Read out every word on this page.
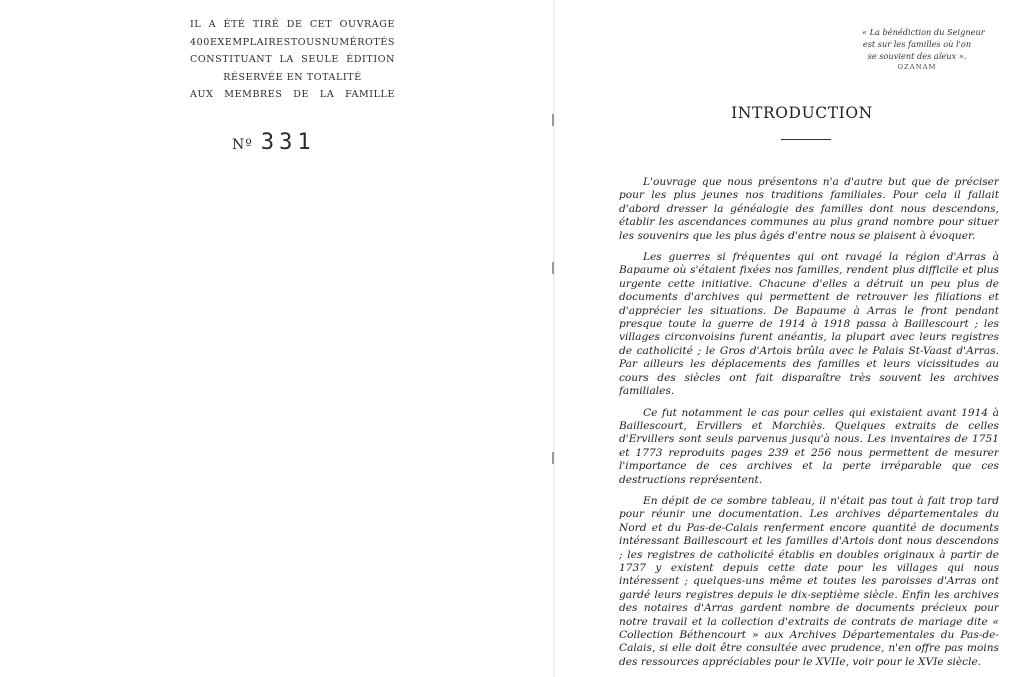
IL A ÉTÉ TIRÉ DE CET OUVRAGE
400 EXEMPLAIRES TOUS NUMÉROTÉS
CONSTITUANT LA SEULE ÉDITION
RÉSERVÉE EN TOTALITÉ
AUX MEMBRES DE LA FAMILLE
Nº 331
« La bénédiction du Seigneur
est sur les familles où l'on
se souvient des aïeux ».
OZANAM
INTRODUCTION

L'ouvrage que nous présentons n'a d'autre but que de préciser pour les plus jeunes nos traditions familiales. Pour cela il fallait d'abord dresser la généalogie des familles dont nous descendons, établir les ascendances communes au plus grand nombre pour situer les souvenirs que les plus âgés d'entre nous se plaisent à évoquer.

Les guerres si fréquentes qui ont ravagé la région d'Arras à Bapaume où s'étaient fixées nos familles, rendent plus difficile et plus urgente cette initiative. Chacune d'elles a détruit un peu plus de documents d'archives qui permettent de retrouver les filiations et d'apprécier les situations. De Bapaume à Arras le front pendant presque toute la guerre de 1914 à 1918 passa à Baillescourt ; les villages circonvoisins furent anéantis, la plupart avec leurs registres de catholicité ; le Gros d'Artois brûla avec le Palais St-Vaast d'Arras. Par ailleurs les déplacements des familles et leurs vicissitudes au cours des siècles ont fait disparaître très souvent les archives familiales.

Ce fut notamment le cas pour celles qui existaient avant 1914 à Baillescourt, Ervillers et Morchiès. Quelques extraits de celles d'Ervillers sont seuls parvenus jusqu'à nous. Les inventaires de 1751 et 1773 reproduits pages 239 et 256 nous permettent de mesurer l'importance de ces archives et la perte irréparable que ces destructions représentent.

En dépit de ce sombre tableau, il n'était pas tout à fait trop tard pour réunir une documentation. Les archives départementales du Nord et du Pas-de-Calais renferment encore quantité de documents intéressant Baillescourt et les familles d'Artois dont nous descendons ; les registres de catholicité établis en doubles originaux à partir de 1737 y existent depuis cette date pour les villages qui nous intéressent ; quelques-uns même et toutes les paroisses d'Arras ont gardé leurs registres depuis le dix-septième siècle. Enfin les archives des notaires d'Arras gardent nombre de documents précieux pour notre travail et la collection d'extraits de contrats de mariage dite « Collection Béthencourt » aux Archives Départementales du Pas-de-Calais, si elle doit être consultée avec prudence, n'en offre pas moins des ressources appréciables pour le XVIIe, voir pour le XVIe siècle.
